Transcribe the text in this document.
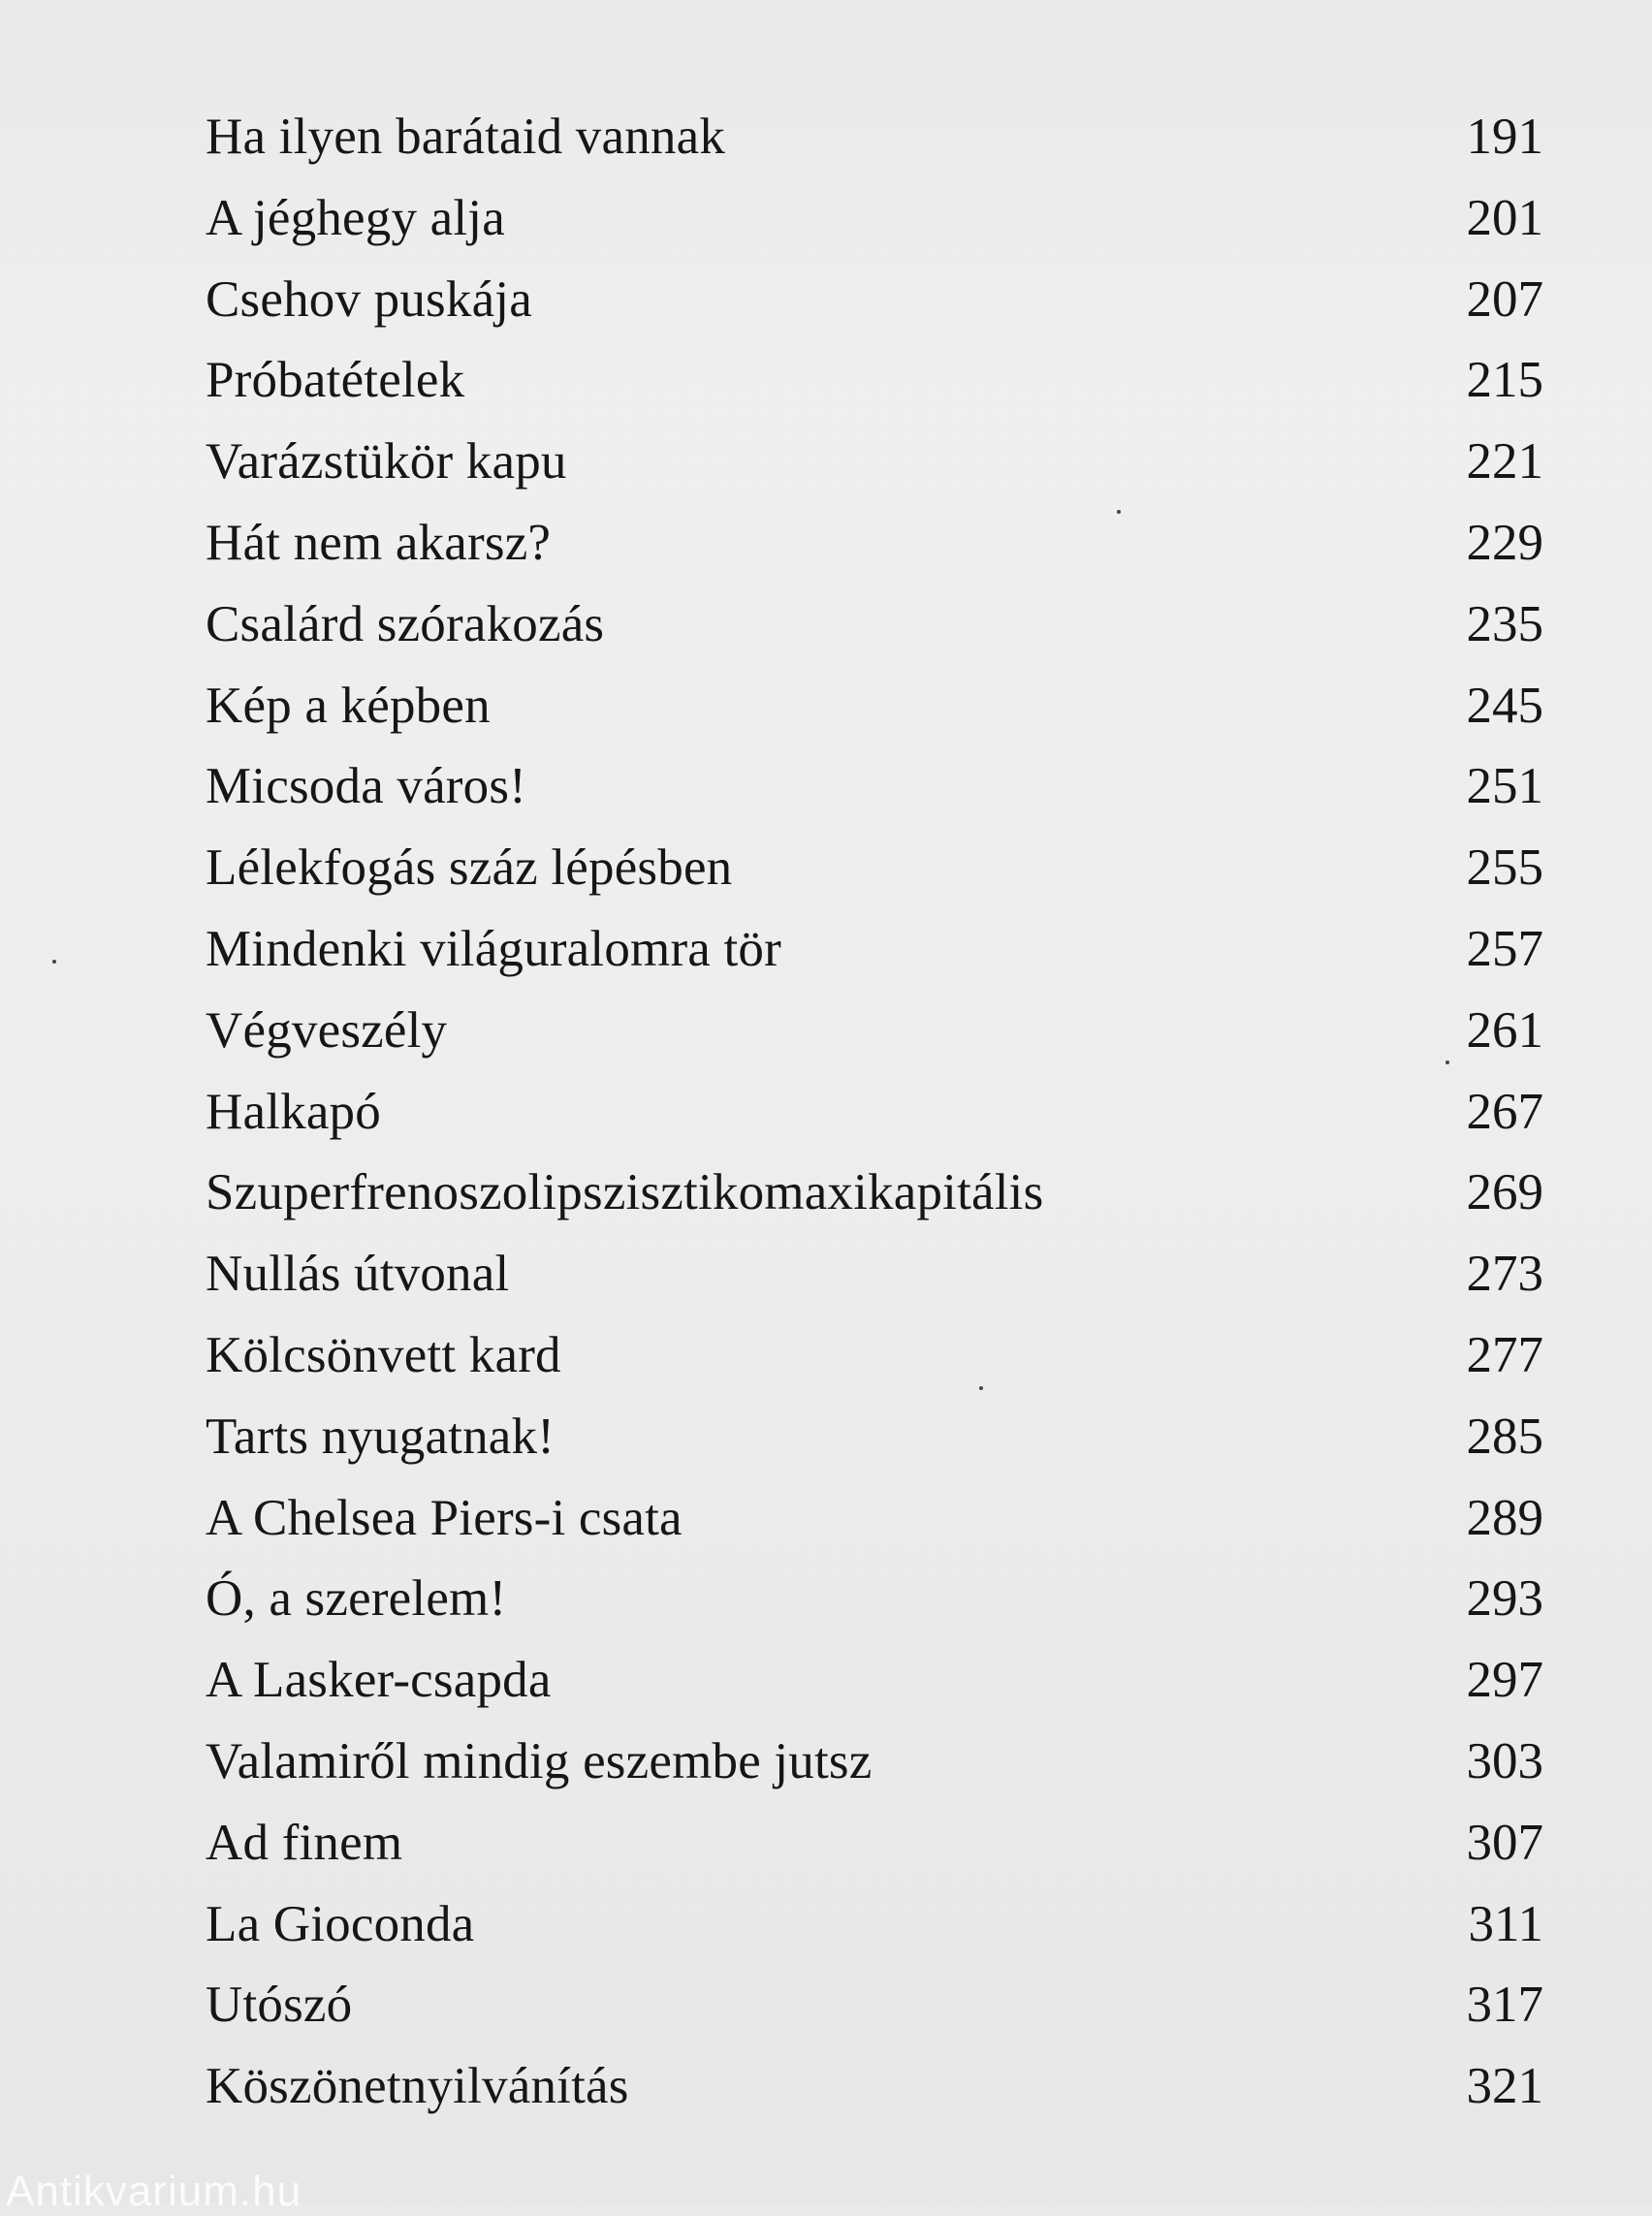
Ha ilyen barátaid vannak	191
A jéghegy alja	201
Csehov puskája	207
Próbatételek	215
Varázstükör kapu	221
Hát nem akarsz?	229
Csalárd szórakozás	235
Kép a képben	245
Micsoda város!	251
Lélekfogás száz lépésben	255
Mindenki világuralomra tör	257
Végveszély	261
Halkapó	267
Szuperfrenoszolipszisztikomaxikapitális	269
Nullás útvonal	273
Kölcsönvett kard	277
Tarts nyugatnak!	285
A Chelsea Piers-i csata	289
Ó, a szerelem!	293
A Lasker-csapda	297
Valamiről mindig eszembe jutsz	303
Ad finem	307
La Gioconda	311
Utószó	317
Köszönetnyilvánítás	321
Antikvarium.hu
